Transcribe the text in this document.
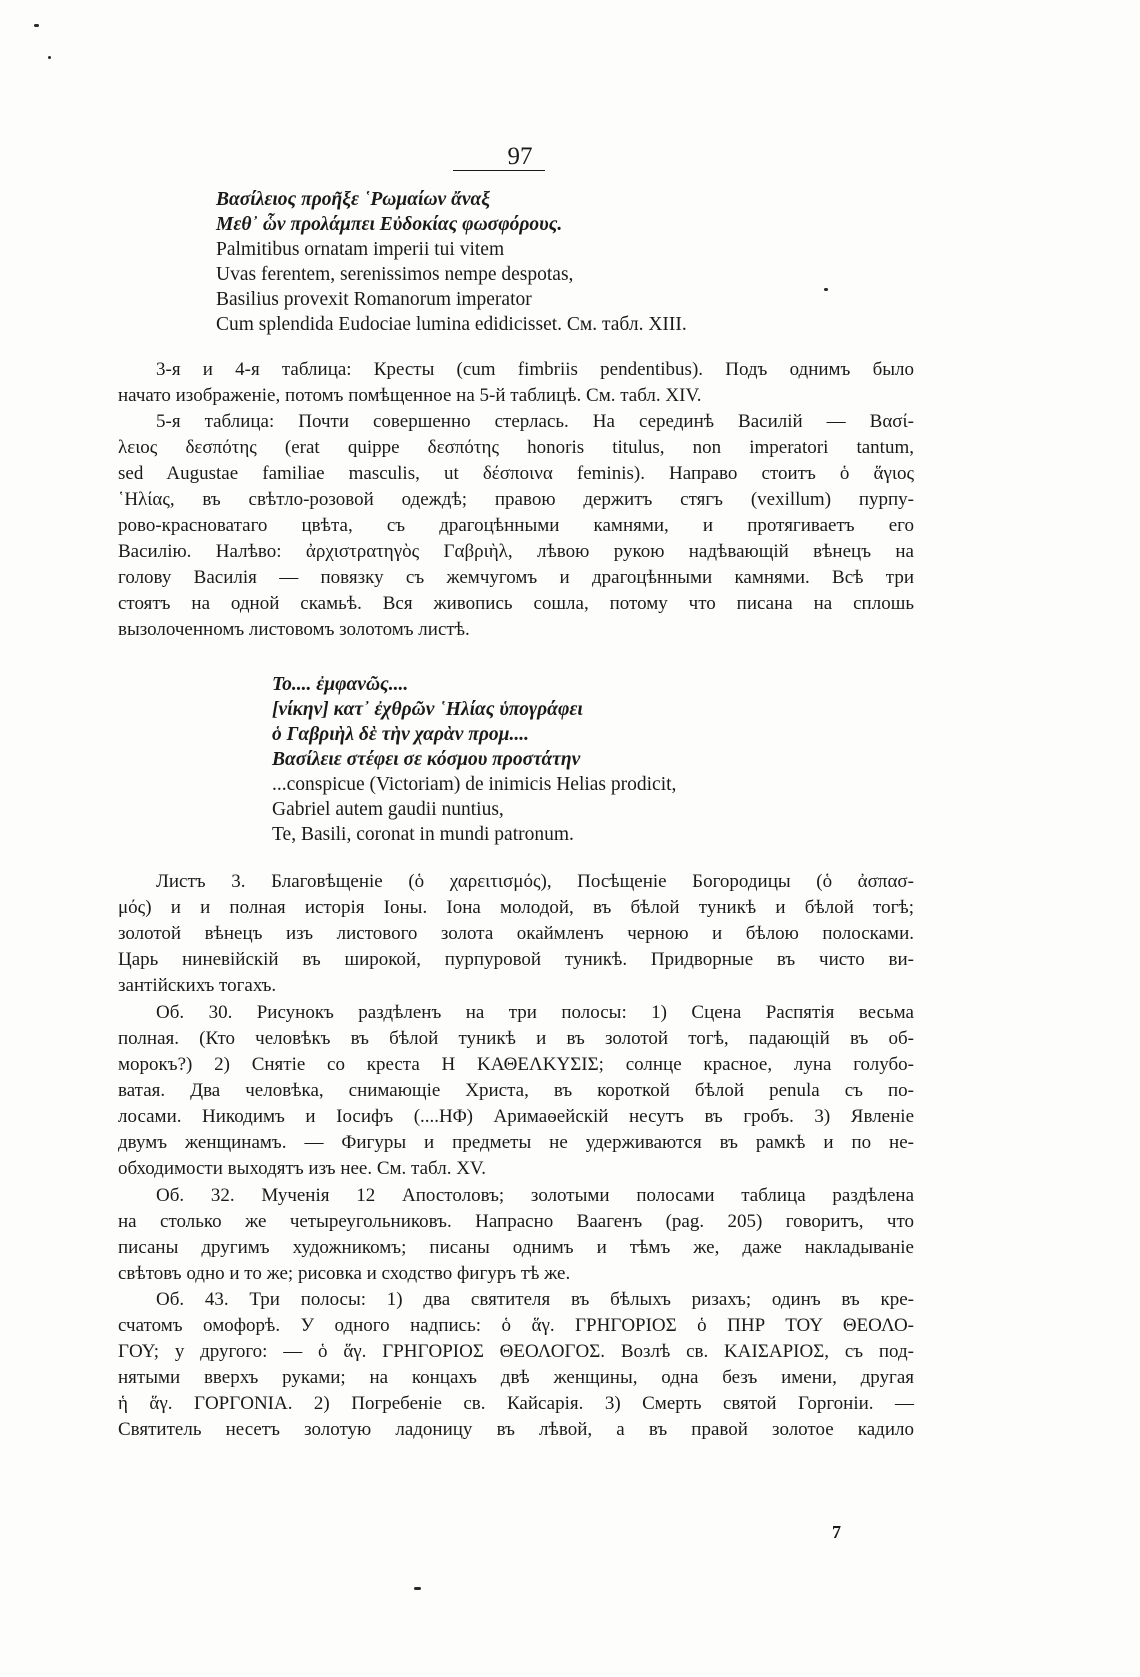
97
Βασίλειος προῆξε ῾Ρωμαίων ἄναξ
Μεθ᾽ ὧν προλάμπει Εὐδοκίας φωσφόρους.
Palmitibus ornatam imperii tui vitem
Uvas ferentem, serenissimos nempe despotas,
Basilius provexit Romanorum imperator
Cum splendida Eudociae lumina edidicisset. См. табл. XIII.
3-я и 4-я таблица: Кресты (cum fimbriis pendentibus). Подъ однимъ было
начато изображеніе, потомъ помѣщенное на 5-й таблицѣ. См. табл. XIV.
5-я таблица: Почти совершенно стерлась. На серединѣ Василій — Βασί-
λειος δεσπότης (erat quippe δεσπότης honoris titulus, non imperatori tantum,
sed Augustae familiae masculis, ut δέσποινα feminis). Направо стоитъ ὁ ἅγιος
῾Ηλίας, въ свѣтло-розовой одеждѣ; правою держитъ стягъ (vexillum) пурпу-
рово-красноватаго цвѣта, съ драгоцѣнными камнями, и протягиваетъ его
Василію. Налѣво: ἀρχιστρατηγὸς Γαβριὴλ, лѣвою рукою надѣвающій вѣнецъ на
голову Василія — повязку съ жемчугомъ и драгоцѣнными камнями. Всѣ три
стоятъ на одной скамьѣ. Вся живопись сошла, потому что писана на сплошь
вызолоченномъ листовомъ золотомъ листѣ.
Το.... ἐμφανῶς....
[νίκην] κατ᾽ ἐχθρῶν ῾Ηλίας ὑπογράφει
ὁ Γαβριὴλ δὲ τὴν χαρὰν προμ....
Βασίλειε στέφει σε κόσμου προστάτην
...conspicue (Victoriam) de inimicis Helias prodicit,
Gabriel autem gaudii nuntius,
Te, Basili, coronat in mundi patronum.
Листъ 3. Благовѣщеніе (ὁ χαρειτισμός), Посѣщеніе Богородицы (ὁ ἀσπασ-
μός) и и полная исторія Іоны. Іона молодой, въ бѣлой туникѣ и бѣлой тогѣ;
золотой вѣнецъ изъ листового золота окаймленъ черною и бѣлою полосками.
Царь ниневійскій въ широкой, пурпуровой туникѣ. Придворные въ чисто ви-
зантійскихъ тогахъ.
Об. 30. Рисунокъ раздѣленъ на три полосы: 1) Сцена Распятія весьма
полная. (Кто человѣкъ въ бѣлой туникѣ и въ золотой тогѣ, падающій въ об-
морокъ?) 2) Снятіе со креста Η ΚΑΘΕΛΚΥΣΙΣ; солнце красное, луна голубо-
ватая. Два человѣка, снимающіе Христа, въ короткой бѣлой penula съ по-
лосами. Никодимъ и Іосифъ (....ΗΦ) Аримаѳейскій несутъ въ гробъ. 3) Явленіе
двумъ женщинамъ. — Фигуры и предметы не удерживаются въ рамкѣ и по не-
обходимости выходятъ изъ нее. См. табл. XV.
Об. 32. Мученія 12 Апостоловъ; золотыми полосами таблица раздѣлена
на столько же четыреугольниковъ. Напрасно Ваагенъ (pag. 205) говоритъ, что
писаны другимъ художникомъ; писаны однимъ и тѣмъ же, даже накладываніе
свѣтовъ одно и то же; рисовка и сходство фигуръ тѣ же.
Об. 43. Три полосы: 1) два святителя въ бѣлыхъ ризахъ; одинъ въ кре-
счатомъ омофорѣ. У одного надпись: ὁ ἅγ. ΓΡΗΓΟΡΙΟΣ ὁ ΠΗΡ ΤΟΥ ΘΕΟΛΟ-
ΓΟΥ; у другого: — ὁ ἅγ. ΓΡΗΓΟΡΙΟΣ ΘΕΟΛΟΓΟΣ. Возлѣ св. ΚΑΙΣΑΡΙΟΣ, съ под-
нятыми вверхъ руками; на концахъ двѣ женщины, одна безъ имени, другая
ἡ ἅγ. ΓΟΡΓΟΝΙΑ. 2) Погребеніе св. Кайсарія. 3) Смерть святой Горгоніи. —
Святитель несетъ золотую ладоницу въ лѣвой, а въ правой золотое кадило
7
